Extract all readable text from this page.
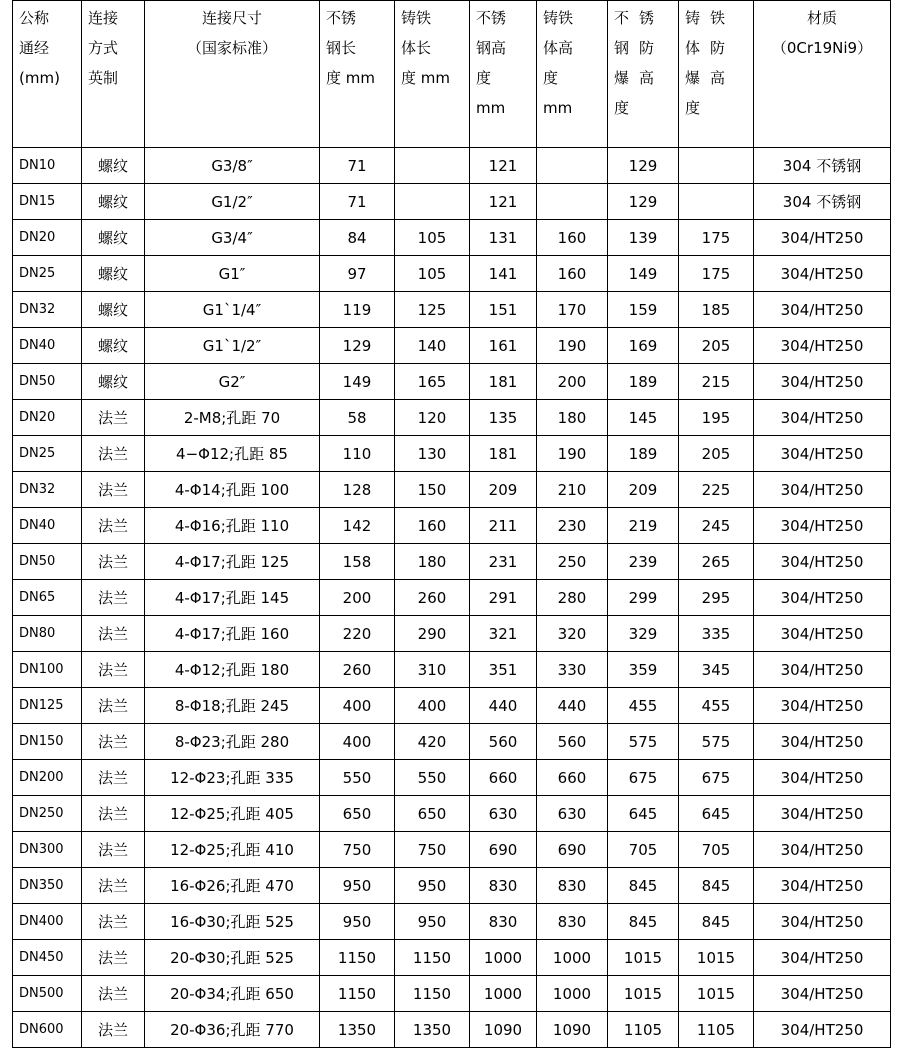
公称
通经
(mm)	连接
方式
英制	连接尺寸
（国家标准）	不锈
钢长
度 mm	铸铁
体长
度 mm	不锈
钢高
度
mm	铸铁
体高
度
mm	不锈
钢防
爆高
度	铸铁
体防
爆高
度	材质
（0Cr19Ni9）

DN10	螺纹	G3/8″	71		121		129		304 不锈钢
DN15	螺纹	G1/2″	71		121		129		304 不锈钢
DN20	螺纹	G3/4″	84	105	131	160	139	175	304/HT250
DN25	螺纹	G1″	97	105	141	160	149	175	304/HT250
DN32	螺纹	G1`1/4″	119	125	151	170	159	185	304/HT250
DN40	螺纹	G1`1/2″	129	140	161	190	169	205	304/HT250
DN50	螺纹	G2″	149	165	181	200	189	215	304/HT250
DN20	法兰	2-M8;孔距 70	58	120	135	180	145	195	304/HT250
DN25	法兰	4−Φ12;孔距 85	110	130	181	190	189	205	304/HT250
DN32	法兰	4-Φ14;孔距 100	128	150	209	210	209	225	304/HT250
DN40	法兰	4-Φ16;孔距 110	142	160	211	230	219	245	304/HT250
DN50	法兰	4-Φ17;孔距 125	158	180	231	250	239	265	304/HT250
DN65	法兰	4-Φ17;孔距 145	200	260	291	280	299	295	304/HT250
DN80	法兰	4-Φ17;孔距 160	220	290	321	320	329	335	304/HT250
DN100	法兰	4-Φ12;孔距 180	260	310	351	330	359	345	304/HT250
DN125	法兰	8-Φ18;孔距 245	400	400	440	440	455	455	304/HT250
DN150	法兰	8-Φ23;孔距 280	400	420	560	560	575	575	304/HT250
DN200	法兰	12-Φ23;孔距 335	550	550	660	660	675	675	304/HT250
DN250	法兰	12-Φ25;孔距 405	650	650	630	630	645	645	304/HT250
DN300	法兰	12-Φ25;孔距 410	750	750	690	690	705	705	304/HT250
DN350	法兰	16-Φ26;孔距 470	950	950	830	830	845	845	304/HT250
DN400	法兰	16-Φ30;孔距 525	950	950	830	830	845	845	304/HT250
DN450	法兰	20-Φ30;孔距 525	1150	1150	1000	1000	1015	1015	304/HT250
DN500	法兰	20-Φ34;孔距 650	1150	1150	1000	1000	1015	1015	304/HT250
DN600	法兰	20-Φ36;孔距 770	1350	1350	1090	1090	1105	1105	304/HT250
